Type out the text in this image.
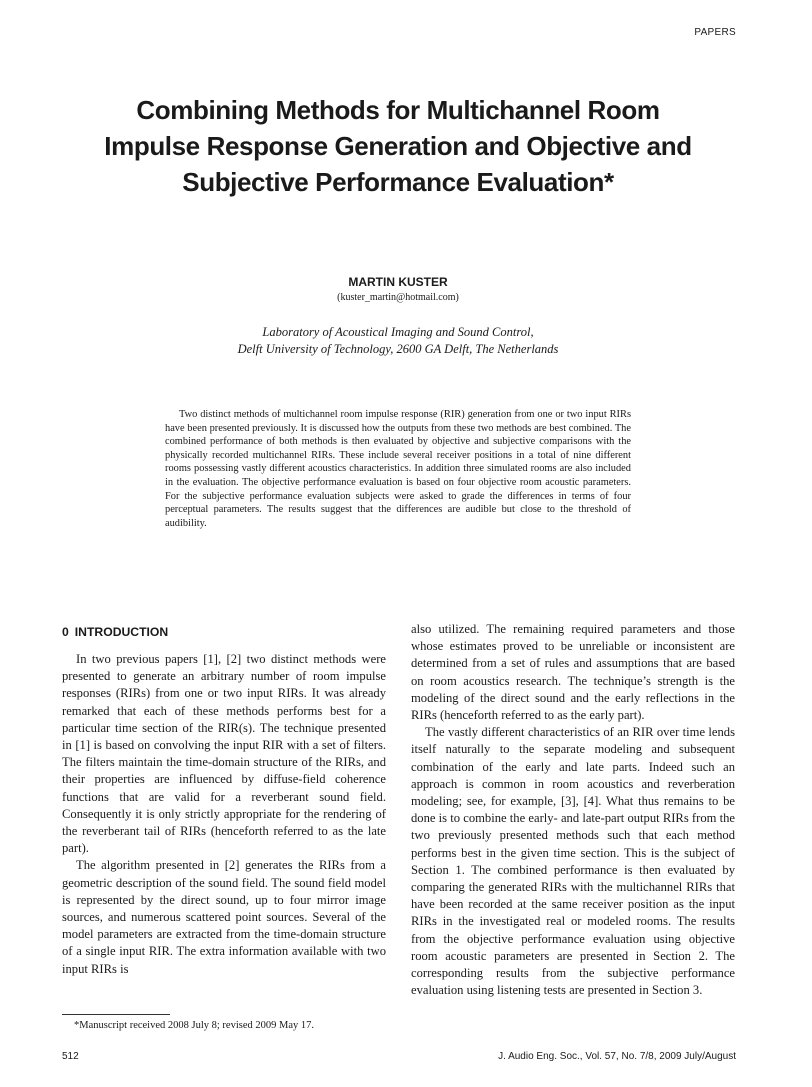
PAPERS
Combining Methods for Multichannel Room Impulse Response Generation and Objective and Subjective Performance Evaluation*
MARTIN KUSTER
(kuster_martin@hotmail.com)
Laboratory of Acoustical Imaging and Sound Control,
Delft University of Technology, 2600 GA Delft, The Netherlands

Two distinct methods of multichannel room impulse response (RIR) generation from one or two input RIRs have been presented previously. It is discussed how the outputs from these two methods are best combined. The combined performance of both methods is then evaluated by objective and subjective comparisons with the physically recorded multichannel RIRs. These include several receiver positions in a total of nine different rooms possessing vastly different acoustics characteristics. In addition three simulated rooms are also included in the evaluation. The objective performance evaluation is based on four objective room acoustic parameters. For the subjective performance evaluation subjects were asked to grade the differences in terms of four perceptual parameters. The results suggest that the differences are audible but close to the threshold of audibility.

0 INTRODUCTION

In two previous papers [1], [2] two distinct methods were presented to generate an arbitrary number of room impulse responses (RIRs) from one or two input RIRs. It was already remarked that each of these methods performs best for a particular time section of the RIR(s). The technique presented in [1] is based on convolving the input RIR with a set of filters. The filters maintain the time-domain structure of the RIRs, and their properties are influenced by diffuse-field coherence functions that are valid for a reverberant sound field. Consequently it is only strictly appropriate for the rendering of the reverberant tail of RIRs (henceforth referred to as the late part).

The algorithm presented in [2] generates the RIRs from a geometric description of the sound field. The sound field model is represented by the direct sound, up to four mirror image sources, and numerous scattered point sources. Several of the model parameters are extracted from the time-domain structure of a single input RIR. The extra information available with two input RIRs is

also utilized. The remaining required parameters and those whose estimates proved to be unreliable or inconsistent are determined from a set of rules and assumptions that are based on room acoustics research. The technique’s strength is the modeling of the direct sound and the early reflections in the RIRs (henceforth referred to as the early part).

The vastly different characteristics of an RIR over time lends itself naturally to the separate modeling and subsequent combination of the early and late parts. Indeed such an approach is common in room acoustics and reverberation modeling; see, for example, [3], [4]. What thus remains to be done is to combine the early- and late-part output RIRs from the two previously presented methods such that each method performs best in the given time section. This is the subject of Section 1. The combined performance is then evaluated by comparing the generated RIRs with the multichannel RIRs that have been recorded at the same receiver position as the input RIRs in the investigated real or modeled rooms. The results from the objective performance evaluation using objective room acoustic parameters are presented in Section 2. The corresponding results from the subjective performance evaluation using listening tests are presented in Section 3.

*Manuscript received 2008 July 8; revised 2009 May 17.
512	J. Audio Eng. Soc., Vol. 57, No. 7/8, 2009 July/August
